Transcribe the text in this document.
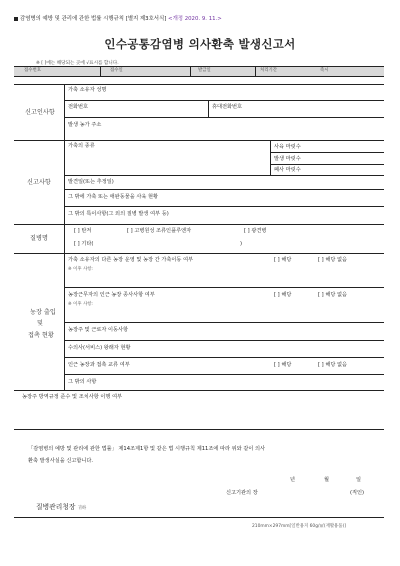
감염병의 예방 및 관리에 관한 법률 시행규칙 [별지 제3호서식] <개정 2020. 9. 11.>
인수공통감염병 의사환축 발생신고서
※ [ ]에는 해당되는 곳에 √표시를 합니다.
접수번호	접수일	발급일	처리기간	즉시
신고인사항
가축 소유자 성명
전화번호	휴대전화번호
발생 농가 주소
신고사항
가축의 종류	사육 마릿수
발생 마릿수
폐사 마릿수
발견일(또는 추정일)
그 밖에 가축 또는 애완동물을 사육 현황
그 밖의 특이사항(그 외의 질병 발생 여부 등)
질병명
[ ] 탄저	[ ] 고병원성 조류인플루엔자	[ ] 광견병
[ ] 기타(	)
농장 출입
및
접촉 현황
가축 소유자의 다른 농장 운영 및 농장 간 가축이동 여부
※ 이후 사항:
[ ] 해당	[ ] 해당 없음
농장근무자의 인근 농장 종사사항 여부
※ 이후 사항:
[ ] 해당	[ ] 해당 없음
농장주 및 근로자 이동사항
수의사(서비스) 왕래자 현황
인근 농장과 접촉 교류 여부	[ ] 해당	[ ] 해당 없음
그 밖의 사항
농장주 방역규정 준수 및 조치사항 이행 여부
「감염병의 예방 및 관리에 관한 법률」 제14조제1항 및 같은 법 시행규칙 제11조에 따라 위와 같이 의사
환축 발생사실을 신고합니다.
년	월	일
신고기관의 장	(직인)
질병관리청장 귀하
210mm×297mm[일반용지 60g/㎡(재활용품)]
